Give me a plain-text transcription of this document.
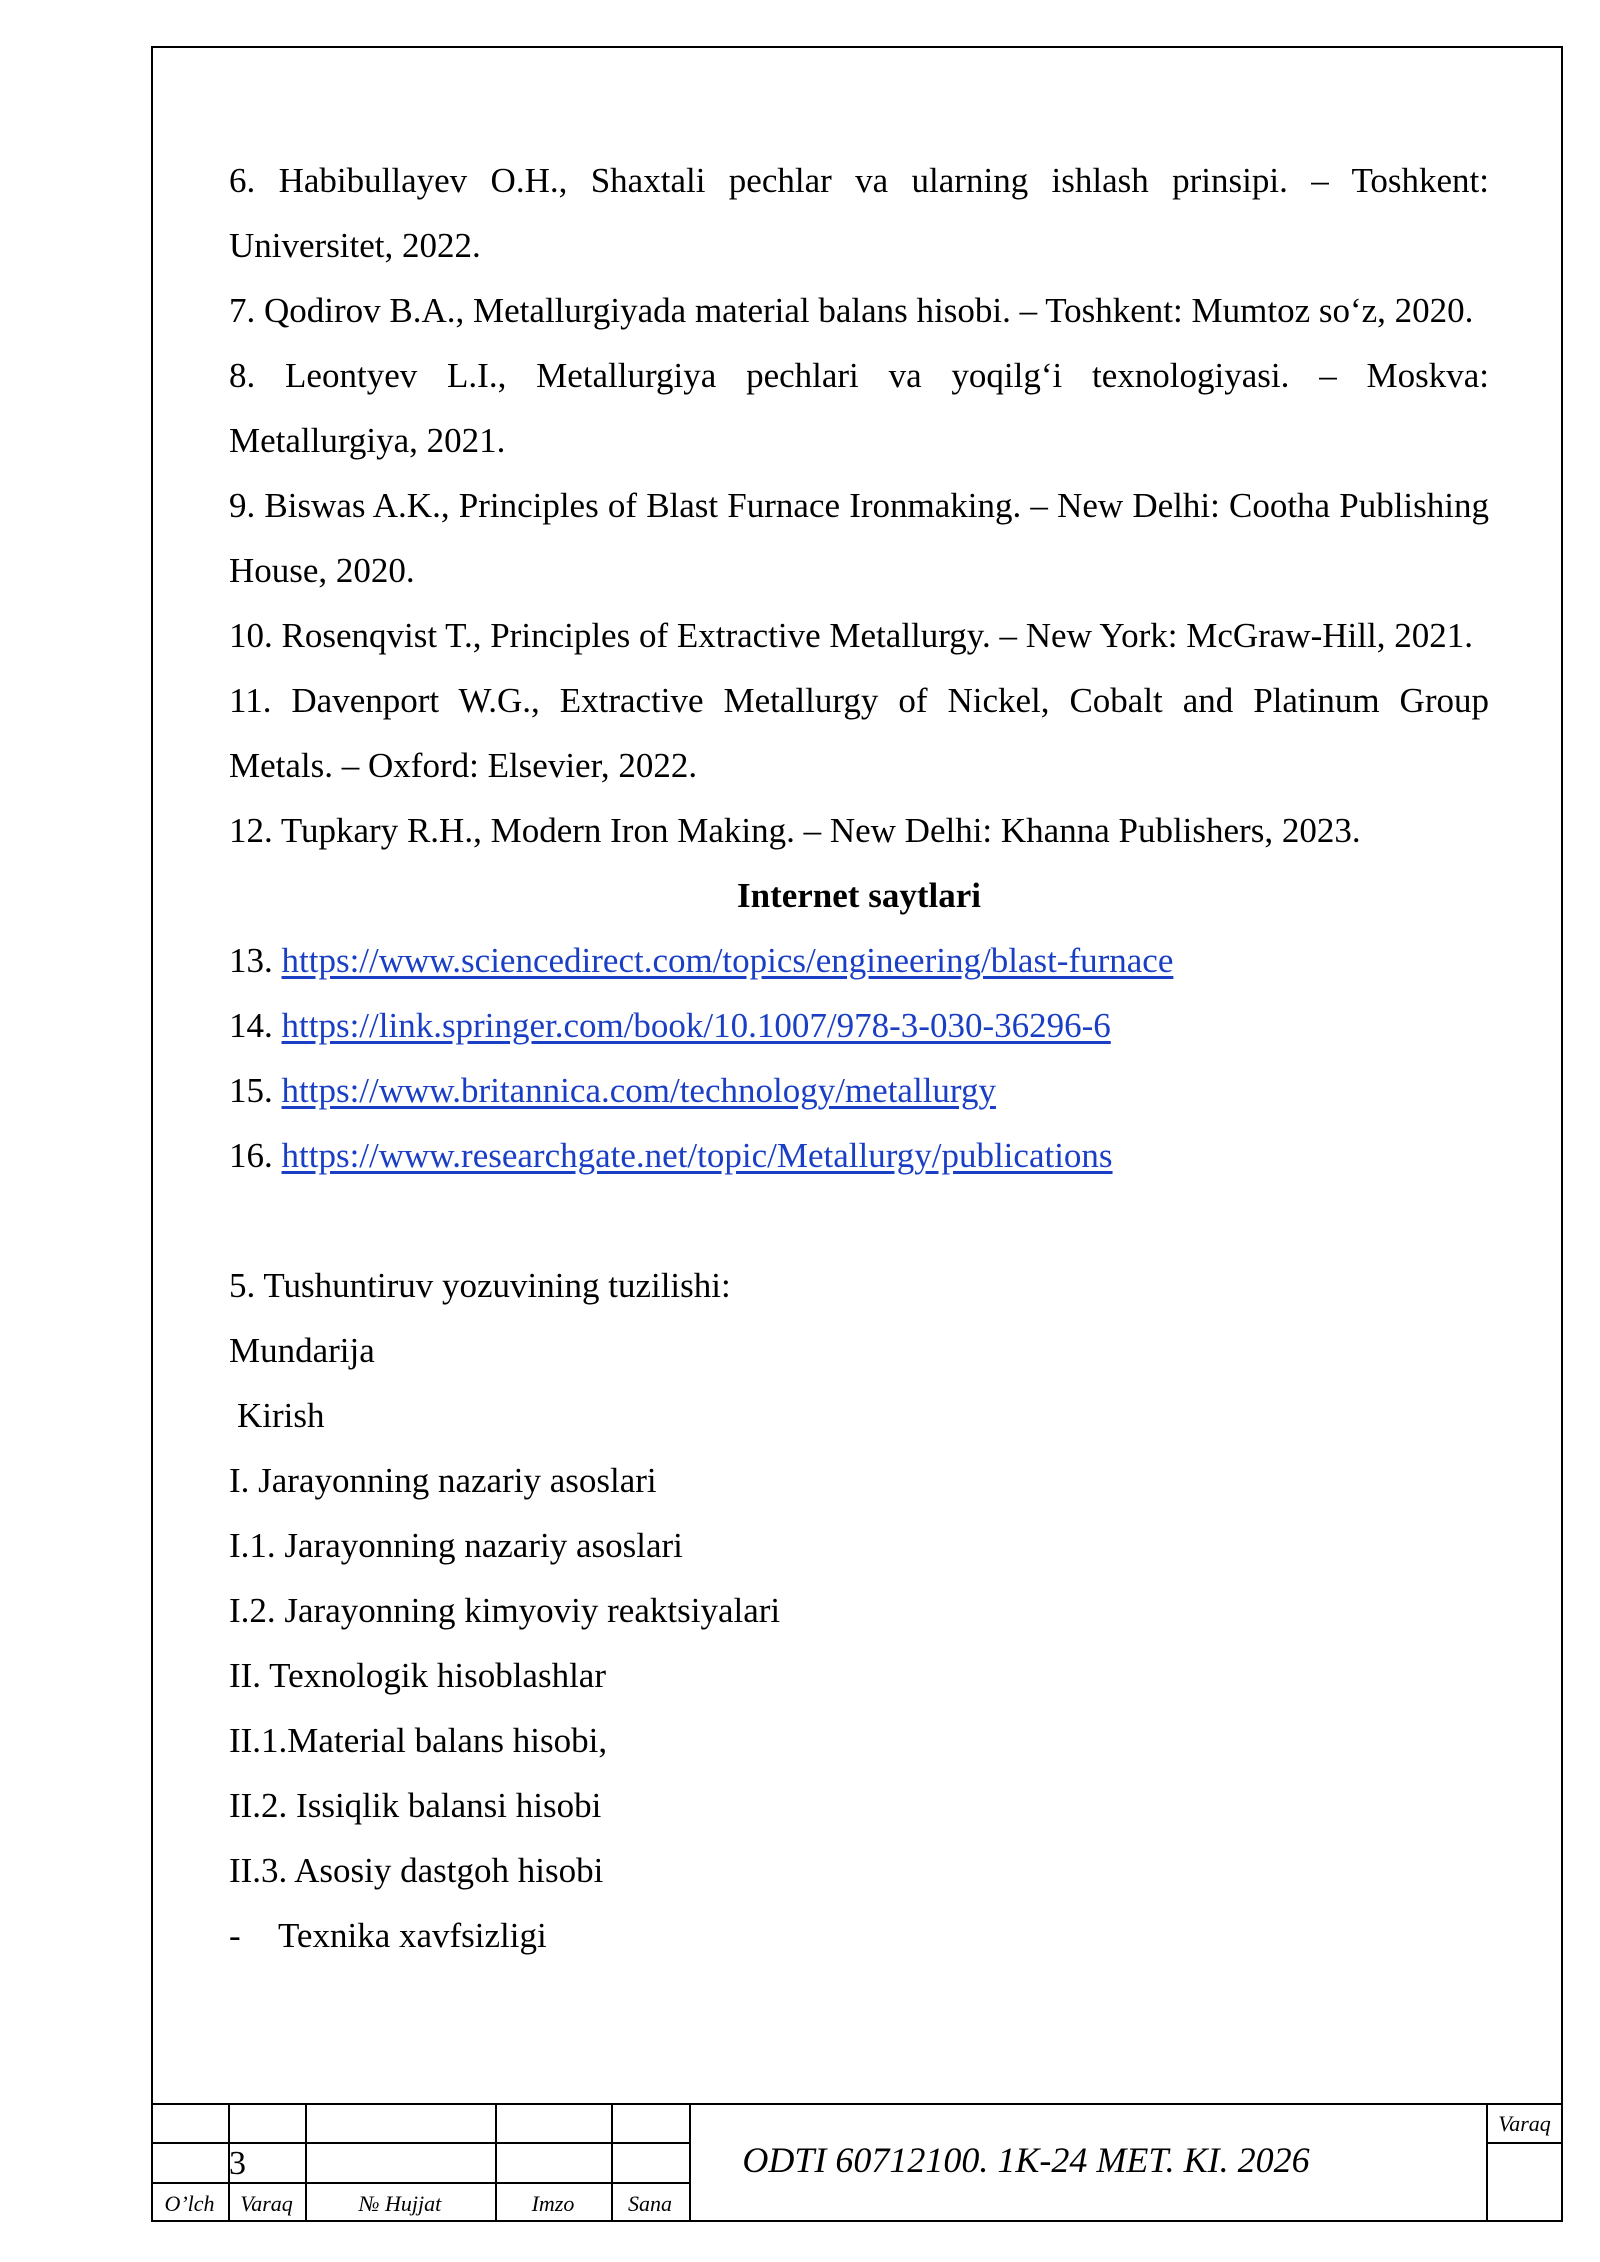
6. Habibullayev O.H., Shaxtali pechlar va ularning ishlash prinsipi. – Toshkent: Universitet, 2022.

7. Qodirov B.A., Metallurgiyada material balans hisobi. – Toshkent: Mumtoz so‘z, 2020.

8. Leontyev L.I., Metallurgiya pechlari va yoqilg‘i texnologiyasi. – Moskva: Metallurgiya, 2021.

9. Biswas A.K., Principles of Blast Furnace Ironmaking. – New Delhi: Cootha Publishing House, 2020.

10. Rosenqvist T., Principles of Extractive Metallurgy. – New York: McGraw-Hill, 2021.

11. Davenport W.G., Extractive Metallurgy of Nickel, Cobalt and Platinum Group Metals. – Oxford: Elsevier, 2022.

12. Tupkary R.H., Modern Iron Making. – New Delhi: Khanna Publishers, 2023.

Internet saytlari

13. https://www.sciencedirect.com/topics/engineering/blast-furnace

14. https://link.springer.com/book/10.1007/978-3-030-36296-6

15. https://www.britannica.com/technology/metallurgy

16. https://www.researchgate.net/topic/Metallurgy/publications

5. Tushuntiruv yozuvining tuzilishi:

Mundarija

Kirish

I. Jarayonning nazariy asoslari

I.1. Jarayonning nazariy asoslari

I.2. Jarayonning kimyoviy reaktsiyalari

II. Texnologik hisoblashlar

II.1.Material balans hisobi,

II.2. Issiqlik balansi hisobi

II.3. Asosiy dastgoh hisobi

-	Texnika xavfsizligi

O’lch	Varaq	№ Hujjat	Imzo	Sana
Varaq
3	ODTI 60712100. 1K-24 MET. KI. 2026
